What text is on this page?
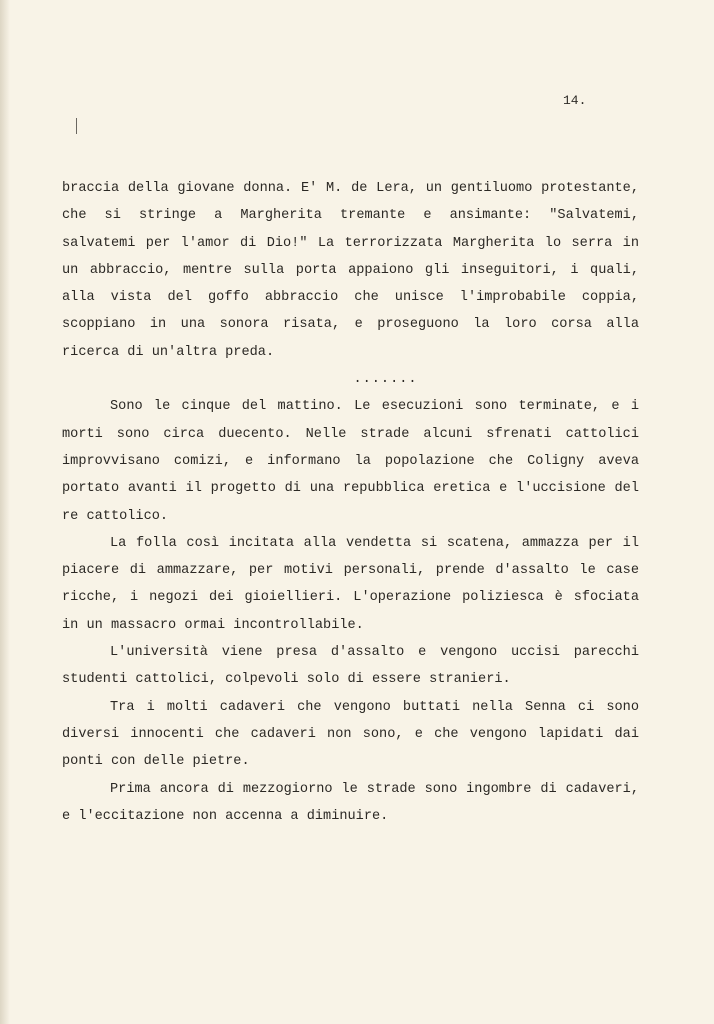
14.

braccia della giovane donna. E' M. de Lera, un gentiluomo protestante, che si stringe a Margherita tremante e ansimante: "Salvatemi, salvatemi per l'amor di Dio!" La terrorizzata Margherita lo serra in un abbraccio, mentre sulla porta appaiono gli inseguitori, i quali, alla vista del goffo abbraccio che unisce l'improbabile coppia, scoppiano in una sonora risata, e proseguono la loro corsa alla ricerca di un'altra preda.

.......

Sono le cinque del mattino. Le esecuzioni sono terminate, e i morti sono circa duecento. Nelle strade alcuni sfrenati cattolici improvvisano comizi, e informano la popolazione che Coligny aveva portato avanti il progetto di una repubblica eretica e l'uccisione del re cattolico.

La folla così incitata alla vendetta si scatena, ammazza per il piacere di ammazzare, per motivi personali, prende d'assalto le case ricche, i negozi dei gioiellieri. L'operazione poliziesca è sfociata in un massacro ormai incontrollabile.

L'università viene presa d'assalto e vengono uccisi parecchi studenti cattolici, colpevoli solo di essere stranieri.

Tra i molti cadaveri che vengono buttati nella Senna ci sono diversi innocenti che cadaveri non sono, e che vengono lapidati dai ponti con delle pietre.

Prima ancora di mezzogiorno le strade sono ingombre di cadaveri, e l'eccitazione non accenna a diminuire.
